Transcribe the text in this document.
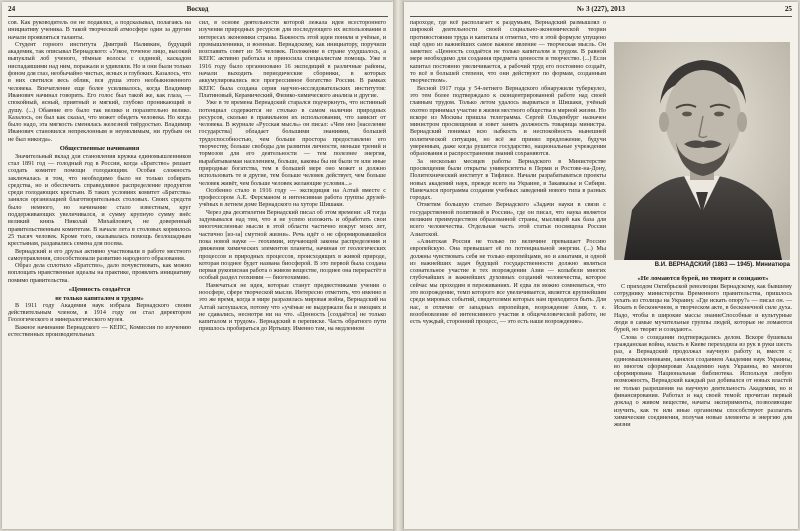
24	Восход

сов. Как руководитель он не подавлял, а подсказывал, полагаясь на инициативу ученика. В такой творческой атмосфере один за другим начали проявляться таланты.

Студент горного института Дмитрий Наливкин, будущий академик, так описывал Вернадского: «Узкое, точеное лицо, высокий выпуклый лоб ученого, тёмные волосы с сединой, каскадом ниспадавшими над ним, поражали и удивляли. Но и они были только фоном для глаз, необычайно чистых, ясных и глубоких. Казалось, что в них светился весь облик, вся душа этого необыкновенного человека. Впечатление еще более усиливалось, когда Владимир Иванович начинал говорить. Его голос был такой же, как глаза, — спокойный, ясный, приятный и мягкий, глубоко проникающий в душу. (...) Обаяние его было так велико и поразительно велико. Казалось, он был как сказал, что может обидеть человека. Но когда было надо, эта мягкость сменялась железной твёрдостью. Владимир Иванович становился непреклонным и неумолимым, ни грубым он не был никогда».

Общественные начинания

Значительный вклад для становления кружка единомышленников стал 1891 год — голодный год в России, когда «Братство» решает создать комитет помощи голодающим. Особая сложность заключалась в том, что необходимо было не только собирать средства, но и обеспечить справедливое распределение продуктов среди голодающих крестьян. В таких условиях комитет «Братства» занялся организацией благотворительных столовых. Своих средств было немного, но начинание стало известным, круг поддерживающих увеличивался, и сумму крупную сумму внёс великий князь Николай Михайлович, не доверенный правительственным комитетам. В начале лета в столовых кормилось 25 тысяч человек. Кроме того, оказывалась помощь безлошадным крестьянам, раздавались семена для посева.

Вернадский и его друзья активно участвовали в работе местного самоуправления, способствовали развитию народного образования.

Образ дела сплотило «Братство», дало почувствовать, как можно воплощать нравственные идеалы на практике, проявлять инициативу помимо правительства.

«Ценность создаётся
не только капиталом и трудом»

В 1911 году Академия наук избрала Вернадского своим действительным членом, в 1914 году он стал директором Геологического и минералогического музея.

Важное начинание Вернадского — КЕПС, Комиссия по изучению естественных производительных

сил, в основе деятельности которой лежала идея всестороннего изучения природных ресурсов для последующего их использования в интересах экономики страны. Важность этой идеи поняли и учёные, и промышленники, и военные. Вернадскому, как инициатору, поручили возглавить совет из 56 человек. Положение в стране ухудшалось, а КЕПС активно работала и приносила специалистам помощь. Уже в 1916 году было организовано 16 экспедиций в различные районы, начали выходить периодические сборники, в которых аккумулировались все прогрессивное богатство России. В рамках КЕПС была создана серия научно-исследовательских институтов: Платиновый, Керамический, Физико-химического анализа и другие.

Уже в те времена Вернадский старался подчеркнуть, что истинный потенциал содержится не столько в самом наличии природных ресурсов, сколько в правильном их использовании, что зависит от человека. В журнале «Русская мысль» он писал: «Чем оно [население государства] обладает большими знаниями, большей трудоспособностью, чем больше простора предоставлено его творчеству, больше свободы для развития личности, меньше трений и тормозов для его деятельности — тем полезнее энергия, вырабатываемая населением, больше, каковы бы ни были те или иные природные богатства, тем в большей мере оно может и должно использовать те и другие, тем больше человек действует, чем больше человек живёт, чем больше человек желающие условия...»

Особенно стало в 1916 году — экспедиция на Алтай вместе с профессором А.Е. Ферсманом и интенсивная работа группы друзей-учёных в летнем доме Вернадского на хуторе Шишаки.

Через два десятилетия Вернадский писал об этом времени: «Я тогда задумывался над тем, что я не успею изложить и обработать свои многочисленные мысли в этой области частично вокруг моих лет, частично [из-за] смутной жизни». Речь идёт о не сформировавшейся пока новой науке — геохимии, изучающей законы распределения и движения химических элементов планеты, начиная от геологических процессов и природных процессов, происходящих в живой природе, которая позднее будет названа биосферой. В это первой была создана первая рукописная работа о живом веществе, позднее она перерастёт в особый раздел геохимии — биогеохимию.

Намечаться не идея, которые станут предвестниками учения о ноосфере, сфере творческой мысли. Интересно отметить, что именно в это же время, когда в мире разразилась мировая война, Вернадский на Алтай заглушался, потому что «учёные не выдержали бы в эмоциях и не сдавались, несмотря ни на что. «Ценность [создаётся] не только капиталом и трудом». Вернадский в переписке. Часть обратного пути пришлось пробираться до Иртышу. Именно там, на медленном

№ 3 (227), 2013	25

пароходе, где всё располагает к раздумьям, Вернадский размышлял о широкой деятельности своей социально-экономической теории противостояния труда и капитала и отметил, что в этой формуле упущено ещё одно из важнейших самое важное явление — творческая мысль. Он заметил: «Ценность создаётся не только капиталом и трудом. В равной мере необходимо для создания предмета ценности и творчество. (...) Если капитал постоянно увеличивается, а рабочий труд его постоянно создаёт, то всё в большей степени, что они действуют по формам, созданным творчеством».

Весной 1917 года у 54-летнего Вернадского обнаружили туберкулез, это тем более подтверждало к сконцентрированной работе над своей главным трудом. Только летом удалось вырваться в Шишаки, учёный охотно принимал участие в жизни местного общества в мирной жизни. Но вскоре из Москвы пришла телеграмма. Сергей Ольденбург назначен министром просвещения и зовет занять должность товарища министра. Вернадский понимал всю зыбкость и неспокойность нынешней политической ситуации, но всё же принял предложение, будучи уверенным, даже когда рушится государство, национальные учреждения образования и распространения знаний сохраняются.

За несколько месяцев работы Вернадского в Министерстве просвещения были открыты университеты в Перми и Ростове-на-Дону, Политехнический институт в Тифлисе. Начали разрабатываться проекты новых академий наук, прежде всего на Украине, в Закавказье и Сибири. Намечался программа создания учебных заведений нового типа в разных городах.

Отметим большую статью Вернадского «Задачи науки в связи с государственной политикой в России», где он писал, что наука является великим преимуществом образованной страны, мыслящей как база для всего человечества. Отдельная часть этой статьи посвящена России Азиатской.

«Азиатская Россия не только по величине превышает Россию европейскую. Она превышает её по потенциальной энергии. (...) Мы должны чувствовать себя не только европейцами, но и азиатами, и одной из важнейших задач будущей государственности должно являться сознательное участие в тех возрождении Азии — колыбели многих глубочайших и важнейших духовных созданий человечества, которое сейчас мы проходим в переживаниях. И едва ли можно сомневаться, что это возрождение, темп которого все увеличивается, является крупнейшим среди мировых событий, свидетелями которых нам приходится быть. Для нас, в отличие от западных европейцев, возрождение Азии, т. е. возобновление её интенсивного участия в общечеловеческой работе, не есть чуждый, сторонний процесс, — это есть наше возрождение».

В.И. ВЕРНАДСКИЙ (1863 — 1945). Миниатюра
«Не ломаются бурей, но творят и созидают»

С приходом Октябрьской революции Вернадскому, как бывшему сотруднику министерства Временного правительства, пришлось уехать из столицы на Украину. «Где искать опору?» — писал он. — Искать в бесконечном, в творческом акте, в бесконечной силе духа. Надо, чтобы в широкие массы знаниеСпособные и культурные люди в самые мучительные группы людей, которые не ломаются бурей, но творят и созидают».

Слова о созидании подтверждались делом. Вскоре бушевала гражданская война, власть в Киеве переходила из рук в руки шесть раз, а Вернадский продолжал научную работу и, вместе с единомышленниками, занялся созданием Академии наук Украины, во многом сформировав Академию наук Украины, во многом сформирована Национальная библиотека. Используя любую возможность, Вернадский каждый раз добивался от новых властей не только разрешения на научную деятельность Академии, но и финансирования. Работал и над своей темой: прочитан первый доклад о живом веществе, начаты эксперименты, позволяющие изучить, как те или иные организмы способствуют разлагать химические соединения, получая новые элементы и энергию для жизни
